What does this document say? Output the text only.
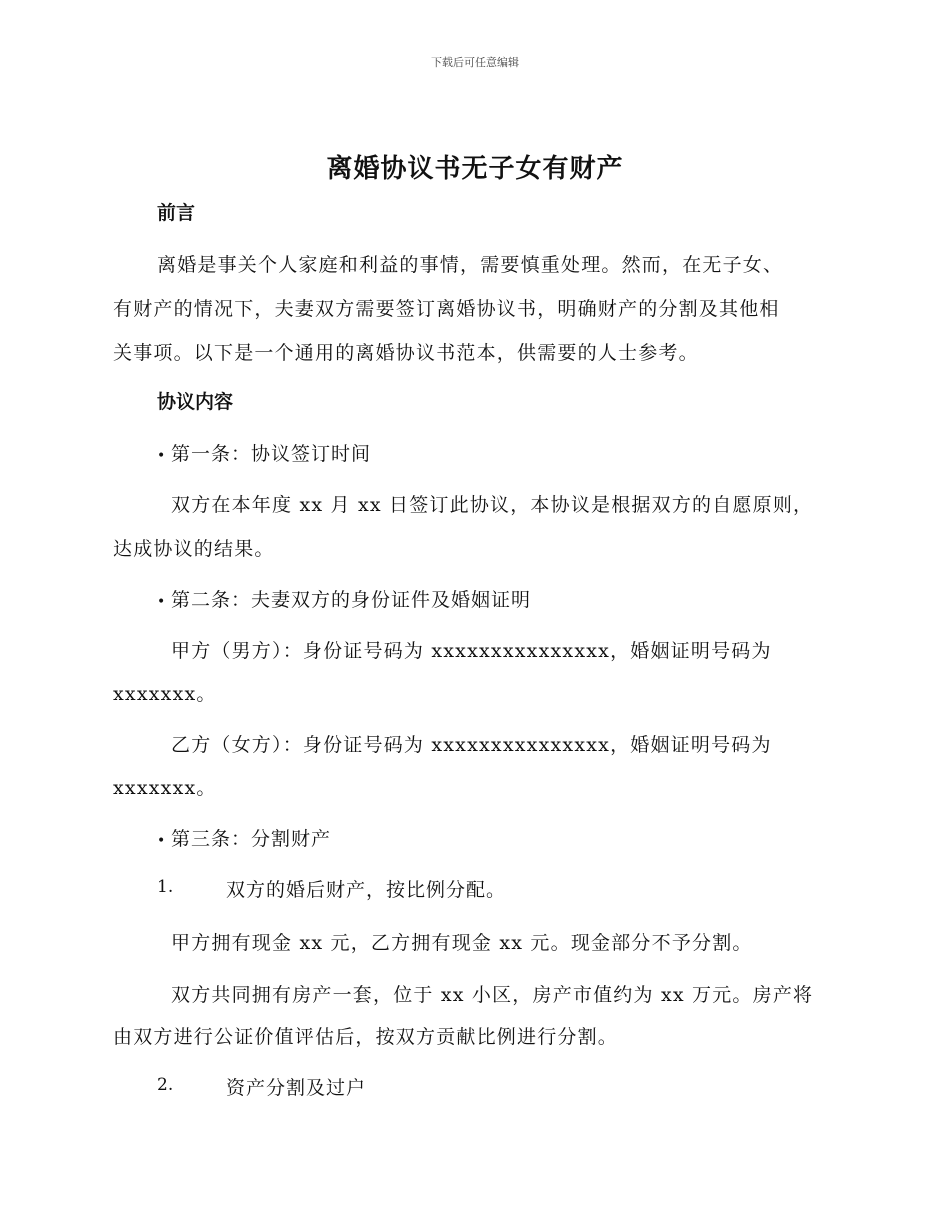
下载后可任意编辑
离婚协议书无子女有财产
前言
离婚是事关个人家庭和利益的事情，需要慎重处理。然而，在无子女、
有财产的情况下，夫妻双方需要签订离婚协议书，明确财产的分割及其他相
关事项。以下是一个通用的离婚协议书范本，供需要的人士参考。
协议内容
• 第一条：协议签订时间
双方在本年度 xx 月 xx 日签订此协议，本协议是根据双方的自愿原则，
达成协议的结果。
• 第二条：夫妻双方的身份证件及婚姻证明
甲方（男方）：身份证号码为 xxxxxxxxxxxxxxx，婚姻证明号码为
xxxxxxx。
乙方（女方）：身份证号码为 xxxxxxxxxxxxxxx，婚姻证明号码为
xxxxxxx。
• 第三条：分割财产
1.	双方的婚后财产，按比例分配。
甲方拥有现金 xx 元，乙方拥有现金 xx 元。现金部分不予分割。
双方共同拥有房产一套，位于 xx 小区，房产市值约为 xx 万元。房产将
由双方进行公证价值评估后，按双方贡献比例进行分割。
2.	资产分割及过户
